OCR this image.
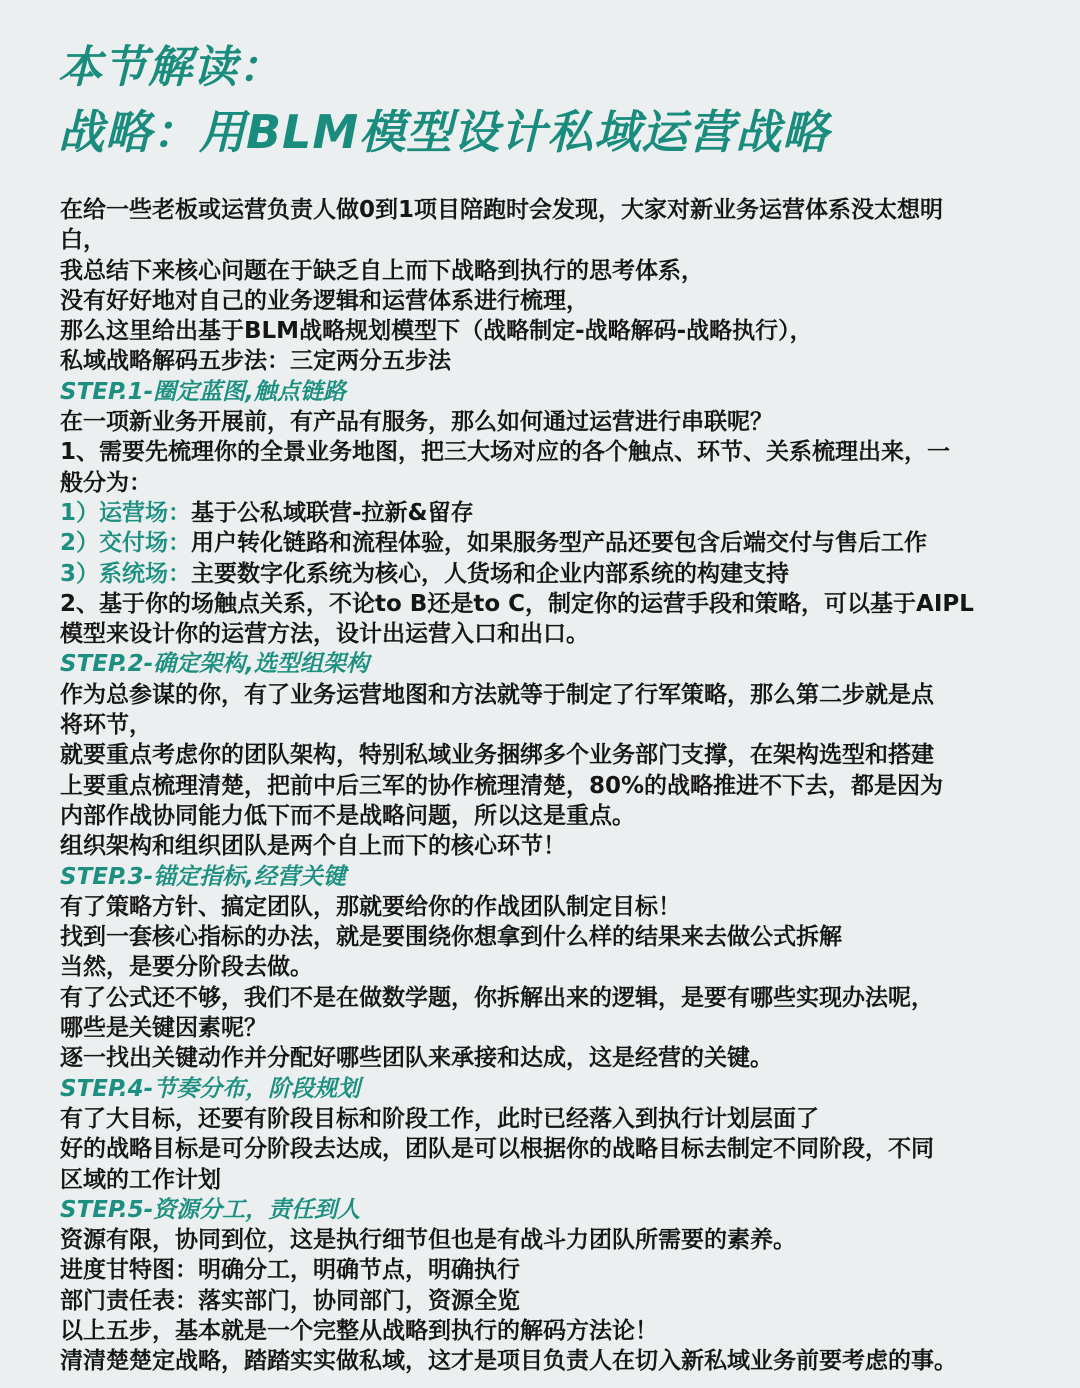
本节解读：
战略：用BLM模型设计私域运营战略
在给一些老板或运营负责人做0到1项目陪跑时会发现，大家对新业务运营体系没太想明
白，
我总结下来核心问题在于缺乏自上而下战略到执行的思考体系，
没有好好地对自己的业务逻辑和运营体系进行梳理，
那么这里给出基于BLM战略规划模型下（战略制定-战略解码-战略执行），
私域战略解码五步法：三定两分五步法
STEP.1-圈定蓝图,触点链路
在一项新业务开展前，有产品有服务，那么如何通过运营进行串联呢？
1、需要先梳理你的全景业务地图，把三大场对应的各个触点、环节、关系梳理出来，一
般分为：
1）运营场：基于公私域联营-拉新&留存
2）交付场：用户转化链路和流程体验，如果服务型产品还要包含后端交付与售后工作
3）系统场：主要数字化系统为核心，人货场和企业内部系统的构建支持
2、基于你的场触点关系，不论to B还是to C，制定你的运营手段和策略，可以基于AIPL
模型来设计你的运营方法，设计出运营入口和出口。
STEP.2-确定架构,选型组架构
作为总参谋的你，有了业务运营地图和方法就等于制定了行军策略，那么第二步就是点
将环节，
就要重点考虑你的团队架构，特别私域业务捆绑多个业务部门支撑，在架构选型和搭建
上要重点梳理清楚，把前中后三军的协作梳理清楚，80%的战略推进不下去，都是因为
内部作战协同能力低下而不是战略问题，所以这是重点。
组织架构和组织团队是两个自上而下的核心环节！
STEP.3-锚定指标,经营关键
有了策略方针、搞定团队，那就要给你的作战团队制定目标！
找到一套核心指标的办法，就是要围绕你想拿到什么样的结果来去做公式拆解
当然，是要分阶段去做。
有了公式还不够，我们不是在做数学题，你拆解出来的逻辑，是要有哪些实现办法呢，
哪些是关键因素呢？
逐一找出关键动作并分配好哪些团队来承接和达成，这是经营的关键。
STEP.4-节奏分布，阶段规划
有了大目标，还要有阶段目标和阶段工作，此时已经落入到执行计划层面了
好的战略目标是可分阶段去达成，团队是可以根据你的战略目标去制定不同阶段，不同
区域的工作计划
STEP.5-资源分工，责任到人
资源有限，协同到位，这是执行细节但也是有战斗力团队所需要的素养。
进度甘特图：明确分工，明确节点，明确执行
部门责任表：落实部门，协同部门，资源全览
以上五步，基本就是一个完整从战略到执行的解码方法论！
清清楚楚定战略，踏踏实实做私域，这才是项目负责人在切入新私域业务前要考虑的事。
